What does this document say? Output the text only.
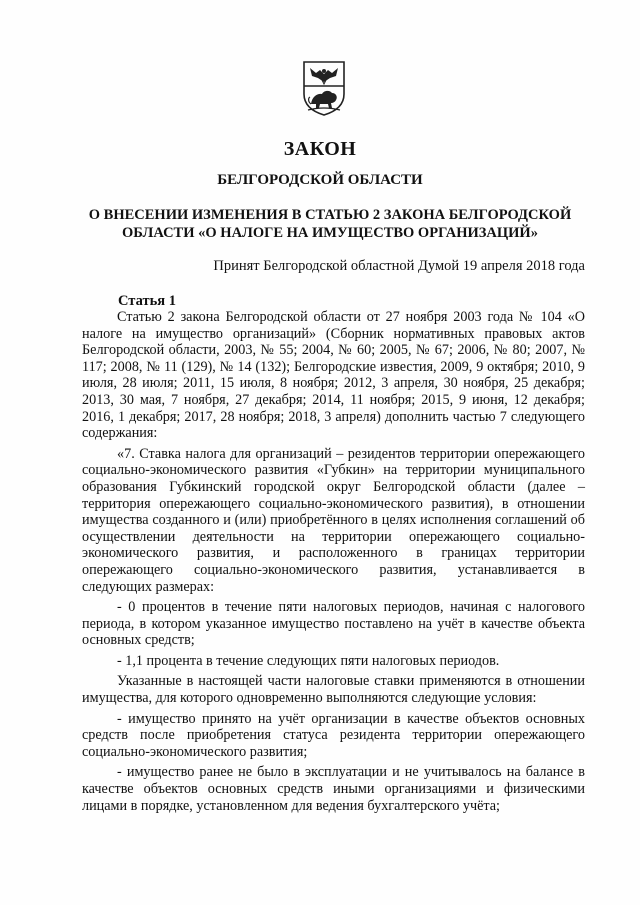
ЗАКОН
БЕЛГОРОДСКОЙ ОБЛАСТИ
О ВНЕСЕНИИ ИЗМЕНЕНИЯ В СТАТЬЮ 2 ЗАКОНА БЕЛГОРОДСКОЙ ОБЛАСТИ «О НАЛОГЕ НА ИМУЩЕСТВО ОРГАНИЗАЦИЙ»
Принят Белгородской областной Думой 19 апреля 2018 года
Статья 1

Статью 2 закона Белгородской области от 27 ноября 2003 года № 104 «О налоге на имущество организаций» (Сборник нормативных правовых актов Белгородской области, 2003, № 55; 2004, № 60; 2005, № 67; 2006, № 80; 2007, № 117; 2008, № 11 (129), № 14 (132); Белгородские известия, 2009, 9 октября; 2010, 9 июля, 28 июля; 2011, 15 июля, 8 ноября; 2012, 3 апреля, 30 ноября, 25 декабря; 2013, 30 мая, 7 ноября, 27 декабря; 2014, 11 ноября; 2015, 9 июня, 12 декабря; 2016, 1 декабря; 2017, 28 ноября; 2018, 3 апреля) дополнить частью 7 следующего содержания:

«7. Ставка налога для организаций – резидентов территории опережающего социально-экономического развития «Губкин» на территории муниципального образования Губкинский городской округ Белгородской области (далее – территория опережающего социально-экономического развития), в отношении имущества созданного и (или) приобретённого в целях исполнения соглашений об осуществлении деятельности на территории опережающего социально-экономического развития, и расположенного в границах территории опережающего социально-экономического развития, устанавливается в следующих размерах:

- 0 процентов в течение пяти налоговых периодов, начиная с налогового периода, в котором указанное имущество поставлено на учёт в качестве объекта основных средств;

- 1,1 процента в течение следующих пяти налоговых периодов.

Указанные в настоящей части налоговые ставки применяются в отношении имущества, для которого одновременно выполняются следующие условия:

- имущество принято на учёт организации в качестве объектов основных средств после приобретения статуса резидента территории опережающего социально-экономического развития;

- имущество ранее не было в эксплуатации и не учитывалось на балансе в качестве объектов основных средств иными организациями и физическими лицами в порядке, установленном для ведения бухгалтерского учёта;
